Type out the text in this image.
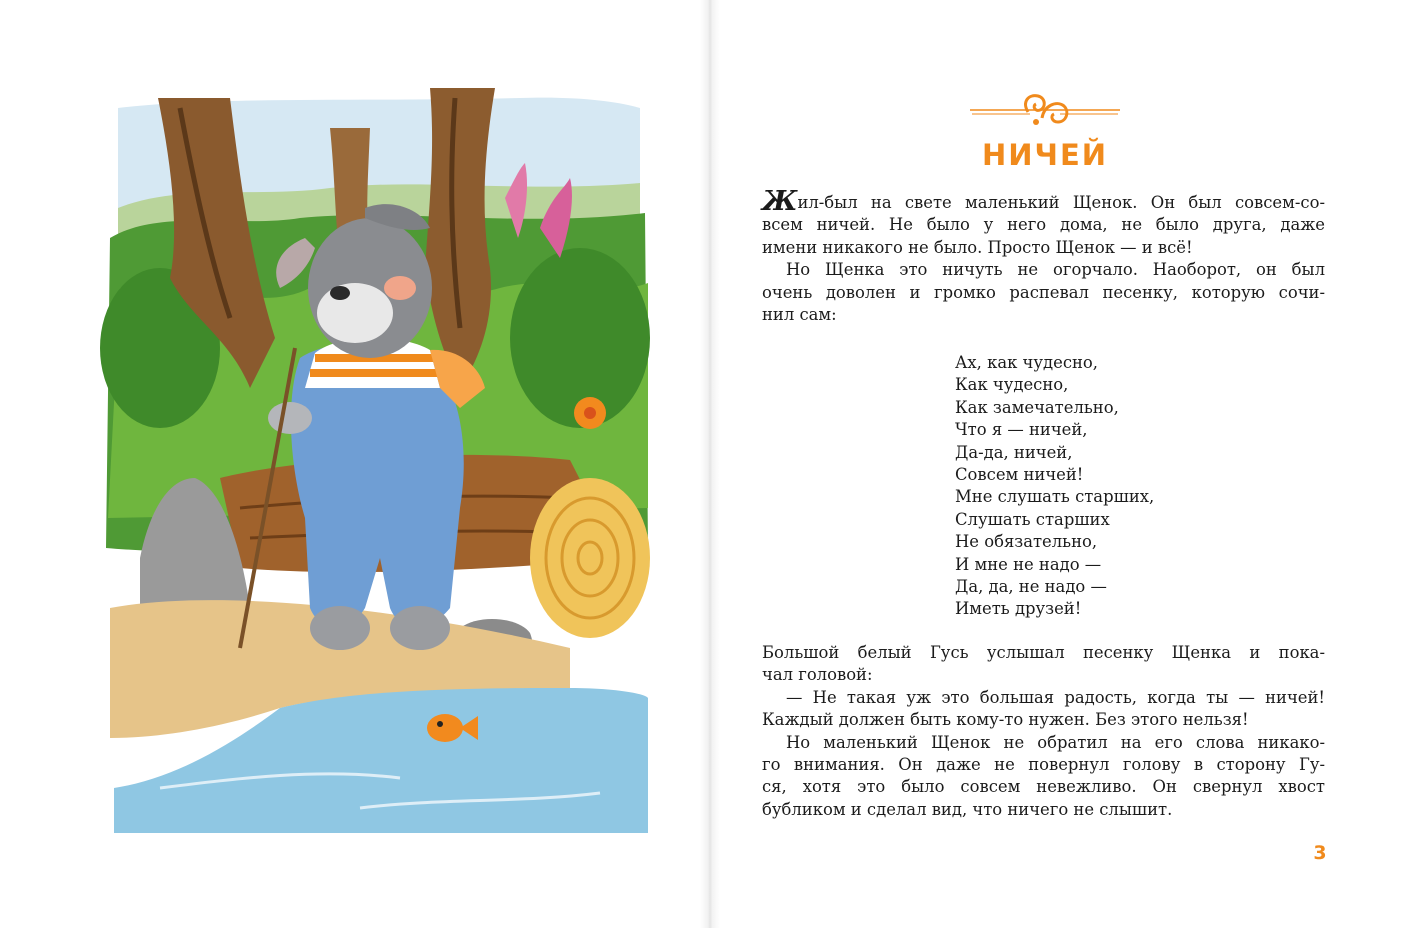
НИЧЕЙ
Жил-был на свете маленький Щенок. Он был совсем-со-
всем ничей. Не было у него дома, не было друга, даже
имени никакого не было. Просто Щенок — и всё!
Но Щенка это ничуть не огорчало. Наоборот, он был
очень доволен и громко распевал песенку, которую сочи-
нил сам:
Ах, как чудесно,
Как чудесно,
Как замечательно,
Что я — ничей,
Да-да, ничей,
Совсем ничей!
Мне слушать старших,
Слушать старших
Не обязательно,
И мне не надо —
Да, да, не надо —
Иметь друзей!
Большой белый Гусь услышал песенку Щенка и пока-
чал головой:
— Не такая уж это большая радость, когда ты — ничей!
Каждый должен быть кому-то нужен. Без этого нельзя!
Но маленький Щенок не обратил на его слова никако-
го внимания. Он даже не повернул голову в сторону Гу-
ся, хотя это было совсем невежливо. Он свернул хвост
бубликом и сделал вид, что ничего не слышит.
3
